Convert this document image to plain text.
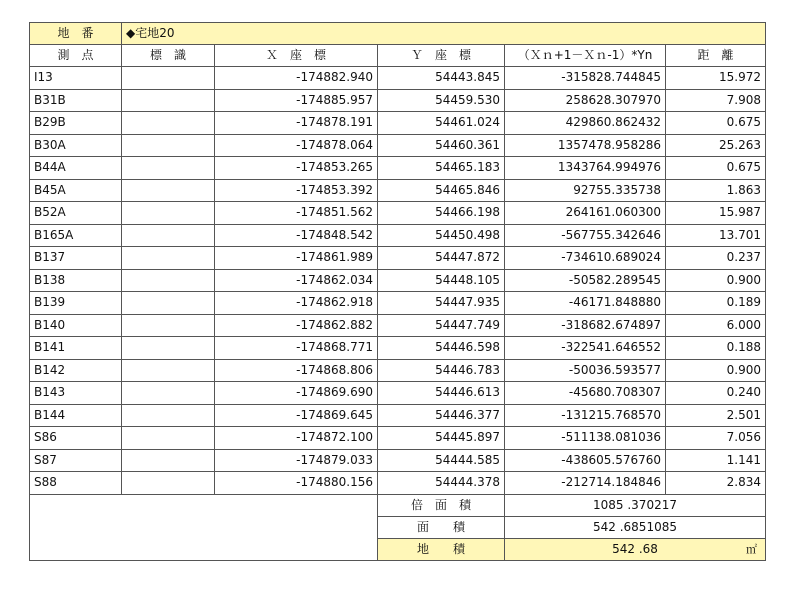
地　番	◆宅地20				
測　点	標　識	Ｘ　座　標	Ｙ　座　標	（Ｘｎ+1－Ｘｎ-1）*Yn	距　離
I13		-174882.940	54443.845	-315828.744845	15.972
B31B		-174885.957	54459.530	258628.307970	7.908
B29B		-174878.191	54461.024	429860.862432	0.675
B30A		-174878.064	54460.361	1357478.958286	25.263
B44A		-174853.265	54465.183	1343764.994976	0.675
B45A		-174853.392	54465.846	92755.335738	1.863
B52A		-174851.562	54466.198	264161.060300	15.987
B165A		-174848.542	54450.498	-567755.342646	13.701
B137		-174861.989	54447.872	-734610.689024	0.237
B138		-174862.034	54448.105	-50582.289545	0.900
B139		-174862.918	54447.935	-46171.848880	0.189
B140		-174862.882	54447.749	-318682.674897	6.000
B141		-174868.771	54446.598	-322541.646552	0.188
B142		-174868.806	54446.783	-50036.593577	0.900
B143		-174869.690	54446.613	-45680.708307	0.240
B144		-174869.645	54446.377	-131215.768570	2.501
S86		-174872.100	54445.897	-511138.081036	7.056
S87		-174879.033	54444.585	-438605.576760	1.141
S88		-174880.156	54444.378	-212714.184846	2.834
			倍　面　積	1085 .370217	
			面　　積	542 .6851085	
			地　　積	542 .68 ㎡	
